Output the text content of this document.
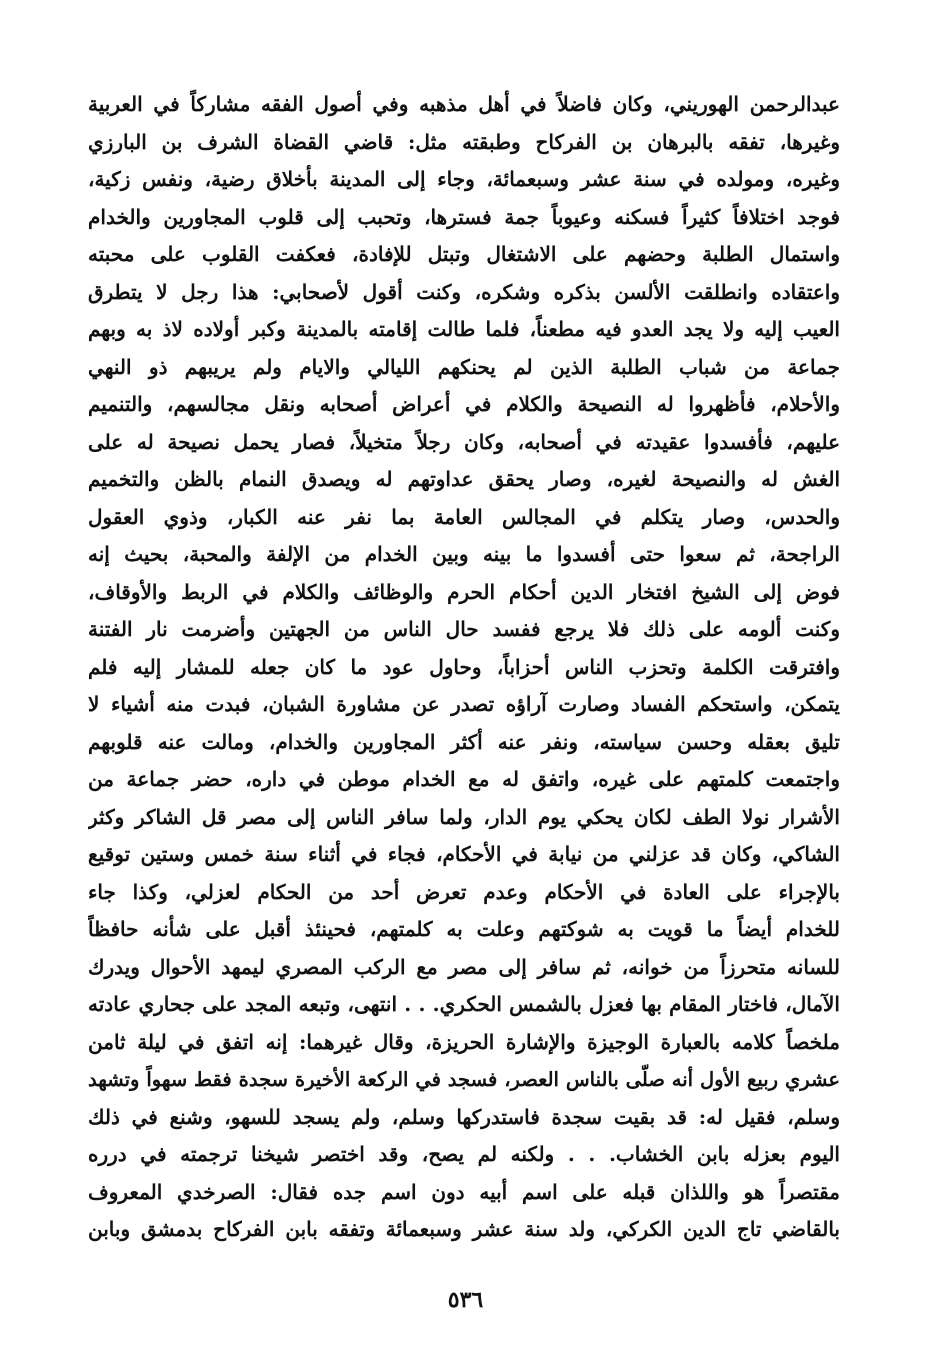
عبدالرحمن الهوريني، وكان فاضلاً في أهل مذهبه وفي أصول الفقه مشاركاً في العربية
وغيرها، تفقه بالبرهان بن الفركاح وطبقته مثل: قاضي القضاة الشرف بن البارزي
وغيره، ومولده في سنة عشر وسبعمائة، وجاء إلى المدينة بأخلاق رضية، ونفس زكية،
فوجد اختلافاً كثيراً فسكنه وعيوباً جمة فسترها، وتحبب إلى قلوب المجاورين والخدام
واستمال الطلبة وحضهم على الاشتغال وتبتل للإفادة، فعكفت القلوب على محبته
واعتقاده وانطلقت الألسن بذكره وشكره، وكنت أقول لأصحابي: هذا رجل لا يتطرق
العيب إليه ولا يجد العدو فيه مطعناً، فلما طالت إقامته بالمدينة وكبر أولاده لاذ به وبهم
جماعة من شباب الطلبة الذين لم يحنكهم الليالي والايام ولم يريبهم ذو النهي
والأحلام، فأظهروا له النصيحة والكلام في أعراض أصحابه ونقل مجالسهم، والتنميم
عليهم، فأفسدوا عقيدته في أصحابه، وكان رجلاً متخيلاً، فصار يحمل نصيحة له على
الغش له والنصيحة لغيره، وصار يحقق عداوتهم له ويصدق النمام بالظن والتخميم
والحدس، وصار يتكلم في المجالس العامة بما نفر عنه الكبار، وذوي العقول
الراجحة، ثم سعوا حتى أفسدوا ما بينه وبين الخدام من الإلفة والمحبة، بحيث إنه
فوض إلى الشيخ افتخار الدين أحكام الحرم والوظائف والكلام في الربط والأوقاف،
وكنت ألومه على ذلك فلا يرجع ففسد حال الناس من الجهتين وأضرمت نار الفتنة
وافترقت الكلمة وتحزب الناس أحزاباً، وحاول عود ما كان جعله للمشار إليه فلم
يتمكن، واستحكم الفساد وصارت آراؤه تصدر عن مشاورة الشبان، فبدت منه أشياء لا
تليق بعقله وحسن سياسته، ونفر عنه أكثر المجاورين والخدام، ومالت عنه قلوبهم
واجتمعت كلمتهم على غيره، واتفق له مع الخدام موطن في داره، حضر جماعة من
الأشرار نولا الطف لكان يحكي يوم الدار، ولما سافر الناس إلى مصر قل الشاكر وكثر
الشاكي، وكان قد عزلني من نيابة في الأحكام، فجاء في أثناء سنة خمس وستين توقيع
بالإجراء على العادة في الأحكام وعدم تعرض أحد من الحكام لعزلي، وكذا جاء
للخدام أيضاً ما قويت به شوكتهم وعلت به كلمتهم، فحينئذ أقبل على شأنه حافظاً
للسانه متحرزاً من خوانه، ثم سافر إلى مصر مع الركب المصري ليمهد الأحوال ويدرك
الآمال، فاختار المقام بها فعزل بالشمس الحكري. . . انتهى، وتبعه المجد على جحاري عادته
ملخصاً كلامه بالعبارة الوجيزة والإشارة الحريزة، وقال غيرهما: إنه اتفق في ليلة ثامن
عشري ربيع الأول أنه صلّى بالناس العصر، فسجد في الركعة الأخيرة سجدة فقط سهواً وتشهد
وسلم، فقيل له: قد بقيت سجدة فاستدركها وسلم، ولم يسجد للسهو، وشنع في ذلك
اليوم بعزله بابن الخشاب. . . ولكنه لم يصح، وقد اختصر شيخنا ترجمته في درره
مقتصراً هو واللذان قبله على اسم أبيه دون اسم جده فقال: الصرخدي المعروف
بالقاضي تاج الدين الكركي، ولد سنة عشر وسبعمائة وتفقه بابن الفركاح بدمشق وبابن
٥٣٦
